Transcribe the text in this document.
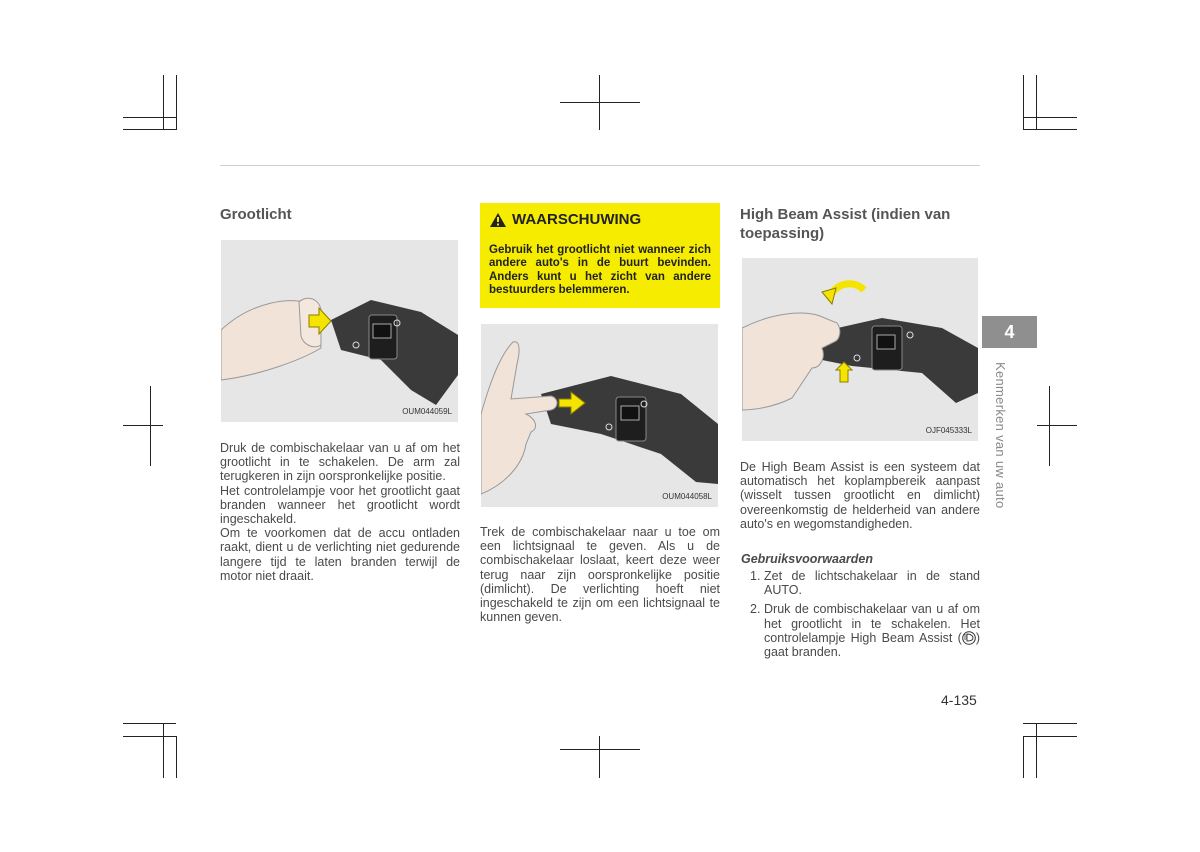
Grootlicht
OUM044059L

Druk de combischakelaar van u af om het grootlicht in te schakelen. De arm zal terugkeren in zijn oorspronkelijke positie.

Het controlelampje voor het grootlicht gaat branden wanneer het grootlicht wordt ingeschakeld.

Om te voorkomen dat de accu ontladen raakt, dient u de verlichting niet gedurende langere tijd te laten branden terwijl de motor niet draait.

WAARSCHUWING
Gebruik het grootlicht niet wanneer zich andere auto's in de buurt bevinden. Anders kunt u het zicht van andere bestuurders belemmeren.
OUM044058L

Trek de combischakelaar naar u toe om een lichtsignaal te geven. Als u de combischakelaar loslaat, keert deze weer terug naar zijn oorspronkelijke positie (dimlicht). De verlichting hoeft niet ingeschakeld te zijn om een lichtsignaal te kunnen geven.

High Beam Assist (indien van
toepassing)
OJF045333L

De High Beam Assist is een systeem dat automatisch het koplampbereik aanpast (wisselt tussen grootlicht en dimlicht) overeenkomstig de helderheid van andere auto's en wegomstandigheden.

Gebruiksvoorwaarden
1. Zet de lichtschakelaar in de stand AUTO.
2. Druk de combischakelaar van u af om het grootlicht in te schakelen. Het controlelampje High Beam Assist ( ) gaat branden.
4
Kenmerken van uw auto
4-135
